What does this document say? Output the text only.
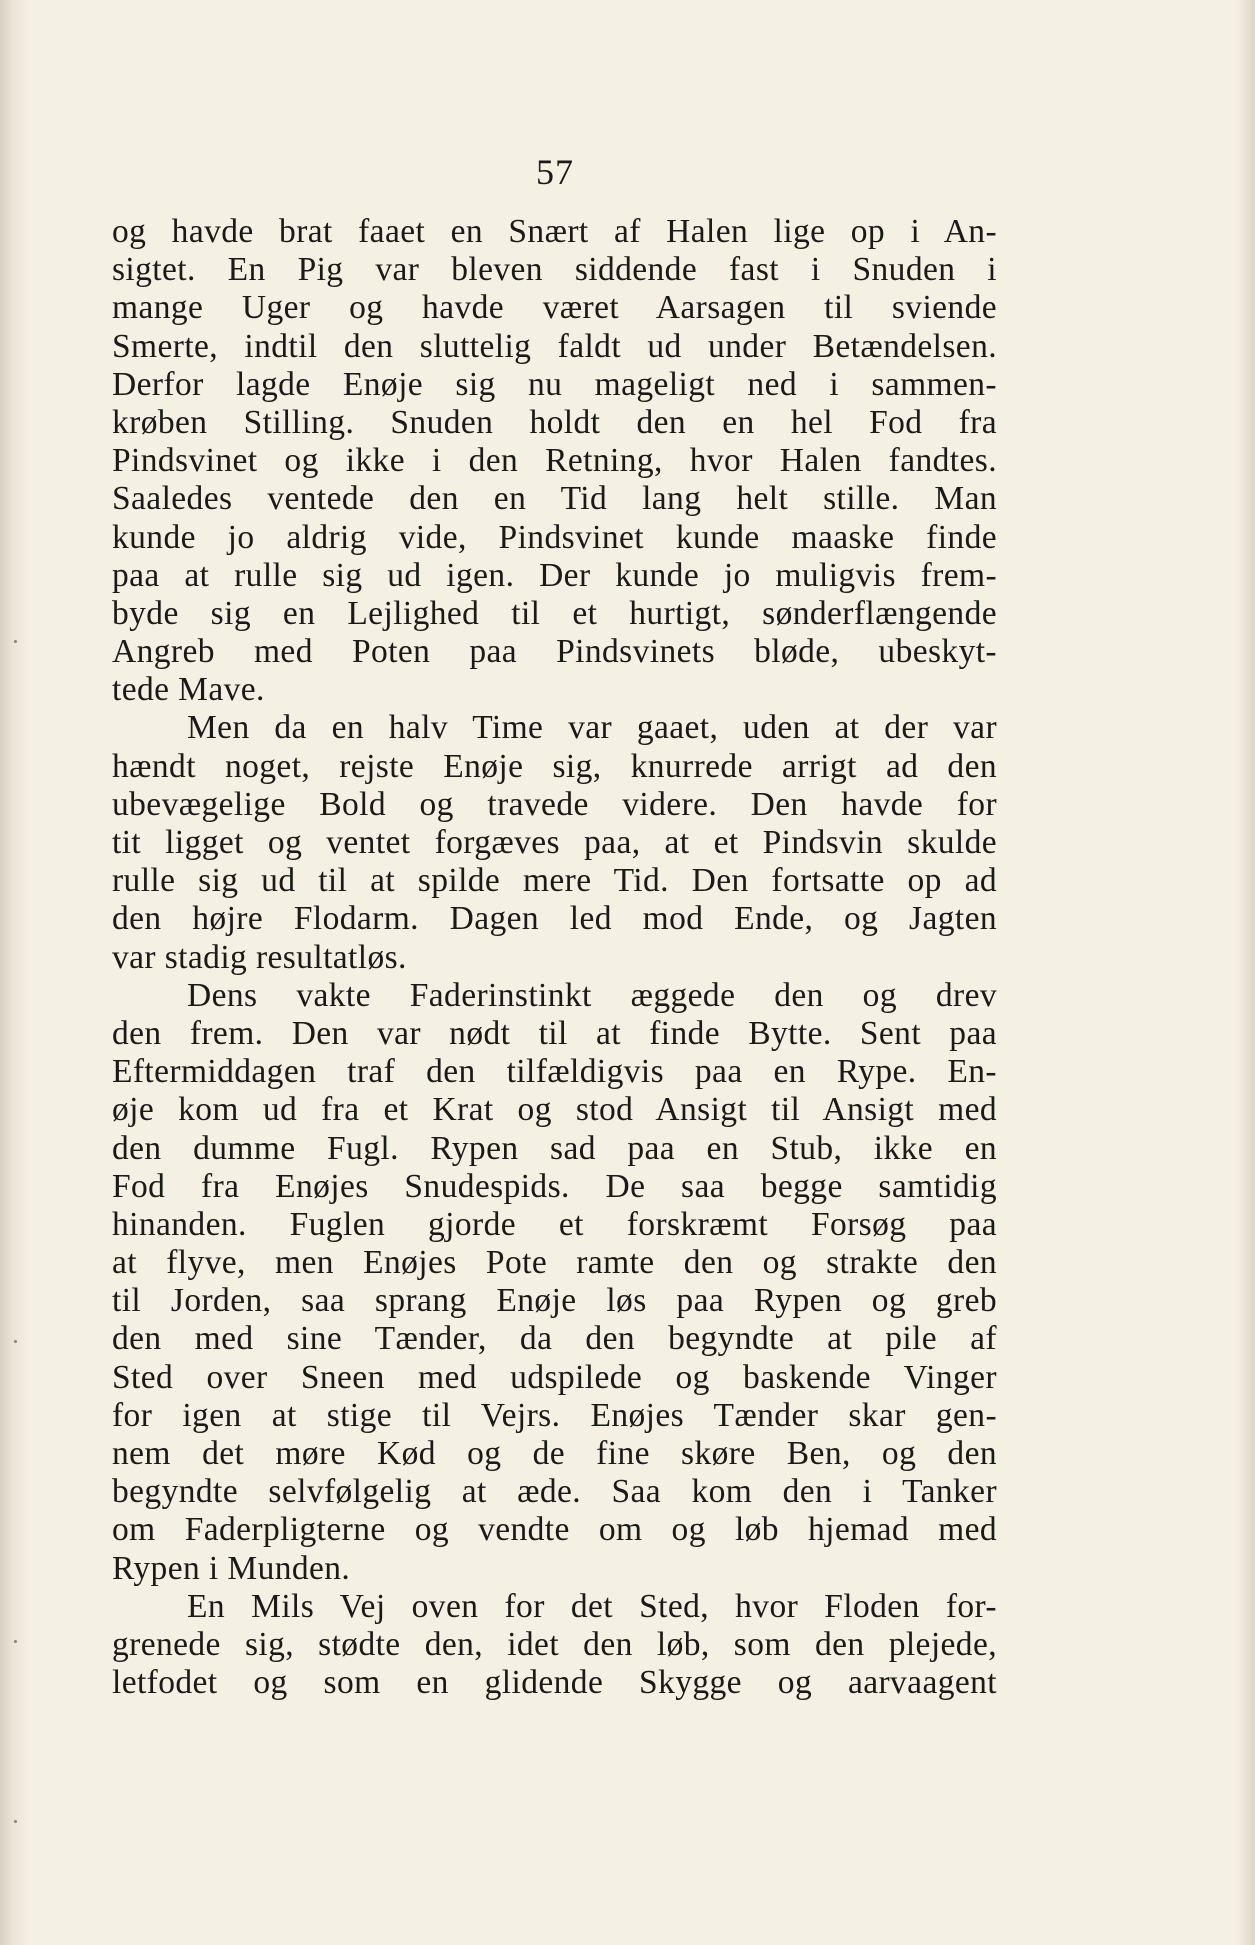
57
og havde brat faaet en Snært af Halen lige op i An-
sigtet. En Pig var bleven siddende fast i Snuden i
mange Uger og havde været Aarsagen til sviende
Smerte, indtil den sluttelig faldt ud under Betændelsen.
Derfor lagde Enøje sig nu mageligt ned i sammen-
krøben Stilling. Snuden holdt den en hel Fod fra
Pindsvinet og ikke i den Retning, hvor Halen fandtes.
Saaledes ventede den en Tid lang helt stille. Man
kunde jo aldrig vide, Pindsvinet kunde maaske finde
paa at rulle sig ud igen. Der kunde jo muligvis frem-
byde sig en Lejlighed til et hurtigt, sønderflængende
Angreb med Poten paa Pindsvinets bløde, ubeskyt-
tede Mave.
Men da en halv Time var gaaet, uden at der var
hændt noget, rejste Enøje sig, knurrede arrigt ad den
ubevægelige Bold og travede videre. Den havde for
tit ligget og ventet forgæves paa, at et Pindsvin skulde
rulle sig ud til at spilde mere Tid. Den fortsatte op ad
den højre Flodarm. Dagen led mod Ende, og Jagten
var stadig resultatløs.
Dens vakte Faderinstinkt æggede den og drev
den frem. Den var nødt til at finde Bytte. Sent paa
Eftermiddagen traf den tilfældigvis paa en Rype. En-
øje kom ud fra et Krat og stod Ansigt til Ansigt med
den dumme Fugl. Rypen sad paa en Stub, ikke en
Fod fra Enøjes Snudespids. De saa begge samtidig
hinanden. Fuglen gjorde et forskræmt Forsøg paa
at flyve, men Enøjes Pote ramte den og strakte den
til Jorden, saa sprang Enøje løs paa Rypen og greb
den med sine Tænder, da den begyndte at pile af
Sted over Sneen med udspilede og baskende Vinger
for igen at stige til Vejrs. Enøjes Tænder skar gen-
nem det møre Kød og de fine skøre Ben, og den
begyndte selvfølgelig at æde. Saa kom den i Tanker
om Faderpligterne og vendte om og løb hjemad med
Rypen i Munden.
En Mils Vej oven for det Sted, hvor Floden for-
grenede sig, stødte den, idet den løb, som den plejede,
letfodet og som en glidende Skygge og aarvaagent
